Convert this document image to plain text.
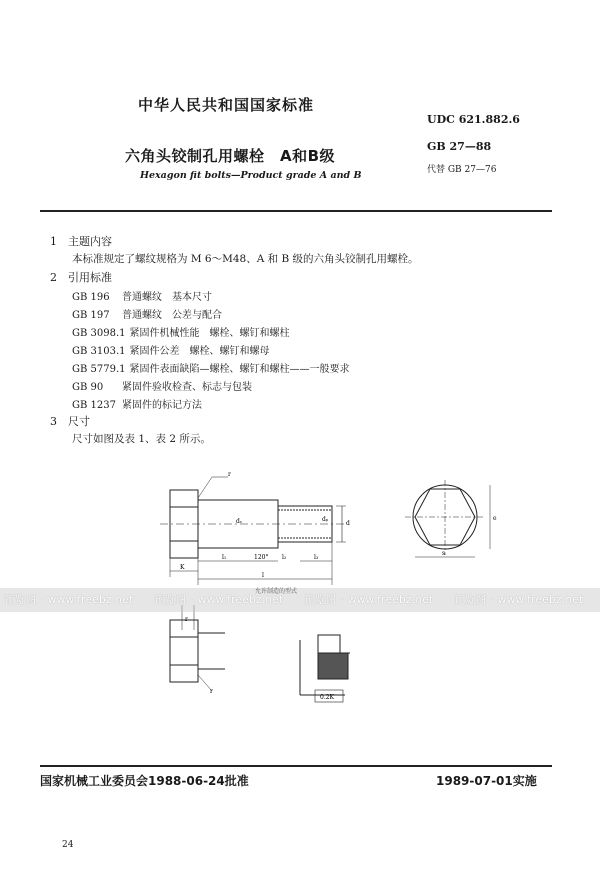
中华人民共和国国家标准
六角头铰制孔用螺栓　A和B级
Hexagon fit bolts—Product grade A and B
UDC 621.882.6
GB 27—88
代替 GB 27—76
1　主题内容
本标准规定了螺纹规格为 M 6～M48、A 和 B 级的六角头铰制孔用螺栓。
2　引用标准
GB 196 普通螺纹　基本尺寸
GB 197 普通螺纹　公差与配合
GB 3098.1 紧固件机械性能　螺栓、螺钉和螺柱
GB 3103.1 紧固件公差　螺栓、螺钉和螺母
GB 5779.1 紧固件表面缺陷—螺栓、螺钉和螺柱——一般要求
GB 90 紧固件验收检查、标志与包装
GB 1237 紧固件的标记方法
3　尺寸
尺寸如图及表 1、表 2 所示。
r
dₛ	dₚ
d
l₁	120° l₂	l₃
K
l
s
e
允许制造的型式
r
r
0.2K
预览图 - www.freebz.net 预览图 - www.freebz.net 预览图 - www.freebz.net 预览图 - www.freebz.net
国家机械工业委员会1988-06-24批准	1989-07-01实施
24
